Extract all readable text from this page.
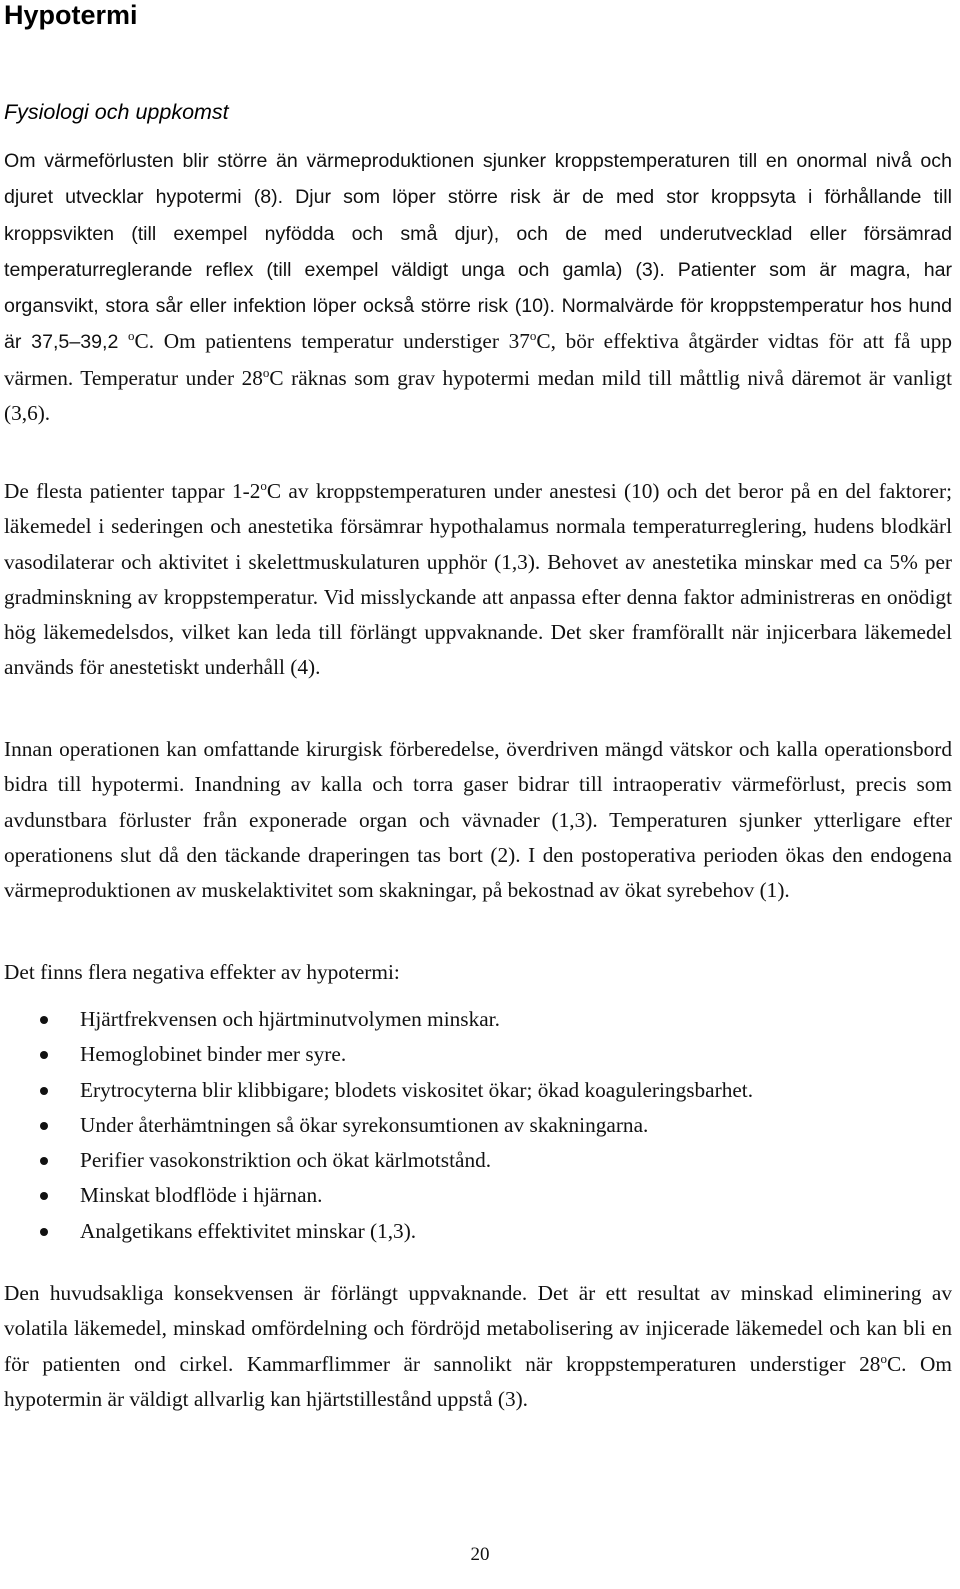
Hypotermi
Fysiologi och uppkomst

Om värmeförlusten blir större än värmeproduktionen sjunker kroppstemperaturen till en onormal nivå och djuret utvecklar hypotermi (8). Djur som löper större risk är de med stor kroppsyta i förhållande till kroppsvikten (till exempel nyfödda och små djur), och de med underutvecklad eller försämrad temperaturreglerande reflex (till exempel väldigt unga och gamla) (3). Patienter som är magra, har organsvikt, stora sår eller infektion löper också större risk (10). Normalvärde för kroppstemperatur hos hund är 37,5–39,2 $^o$C. Om patientens temperatur understiger 37$^o$C, bör effektiva åtgärder vidtas för att få upp värmen. Temperatur under 28$^o$C räknas som grav hypotermi medan mild till måttlig nivå däremot är vanligt (3,6).

De flesta patienter tappar 1-2$^o$C av kroppstemperaturen under anestesi (10) och det beror på en del faktorer; läkemedel i sederingen och anestetika försämrar hypothalamus normala temperaturreglering, hudens blodkärl vasodilaterar och aktivitet i skelettmuskulaturen upphör (1,3). Behovet av anestetika minskar med ca 5% per gradminskning av kroppstemperatur. Vid misslyckande att anpassa efter denna faktor administreras en onödigt hög läkemedelsdos, vilket kan leda till förlängt uppvaknande. Det sker framförallt när injicerbara läkemedel används för anestetiskt underhåll (4).

Innan operationen kan omfattande kirurgisk förberedelse, överdriven mängd vätskor och kalla operationsbord bidra till hypotermi. Inandning av kalla och torra gaser bidrar till intraoperativ värmeförlust, precis som avdunstbara förluster från exponerade organ och vävnader (1,3). Temperaturen sjunker ytterligare efter operationens slut då den täckande draperingen tas bort (2). I den postoperativa perioden ökas den endogena värmeproduktionen av muskelaktivitet som skakningar, på bekostnad av ökat syrebehov (1).

Det finns flera negativa effekter av hypotermi:

Hjärtfrekvensen och hjärtminutvolymen minskar.
Hemoglobinet binder mer syre.
Erytrocyterna blir klibbigare; blodets viskositet ökar; ökad koaguleringsbarhet.
Under återhämtningen så ökar syrekonsumtionen av skakningarna.
Perifier vasokonstriktion och ökat kärlmotstånd.
Minskat blodflöde i hjärnan.
Analgetikans effektivitet minskar (1,3).

Den huvudsakliga konsekvensen är förlängt uppvaknande. Det är ett resultat av minskad eliminering av volatila läkemedel, minskad omfördelning och fördröjd metabolisering av injicerade läkemedel och kan bli en för patienten ond cirkel. Kammarflimmer är sannolikt när kroppstemperaturen understiger 28$^o$C. Om hypotermin är väldigt allvarlig kan hjärtstillestånd uppstå (3).

20
